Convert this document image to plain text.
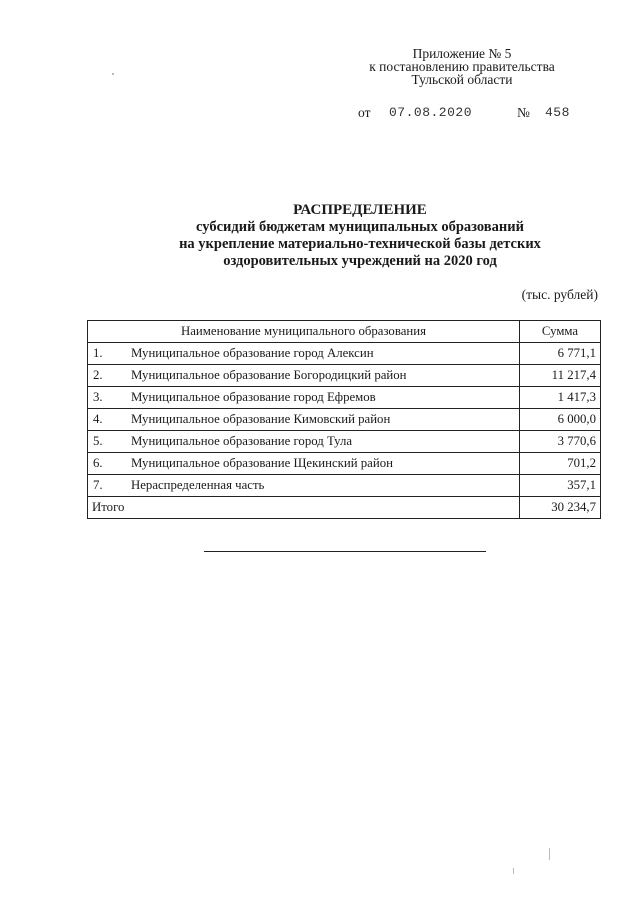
Приложение № 5
к постановлению правительства
Тульской области
от 07.08.2020	№ 458
РАСПРЕДЕЛЕНИЕ
субсидий бюджетам муниципальных образований
на укрепление материально-технической базы детских
оздоровительных учреждений на 2020 год
(тыс. рублей)
Наименование муниципального образования	Сумма
1. Муниципальное образование город Алексин	6 771,1
2. Муниципальное образование Богородицкий район	11 217,4
3. Муниципальное образование город Ефремов	1 417,3
4. Муниципальное образование Кимовский район	6 000,0
5. Муниципальное образование город Тула	3 770,6
6. Муниципальное образование Щекинский район	701,2
7. Нераспределенная часть	357,1
Итого	30 234,7
